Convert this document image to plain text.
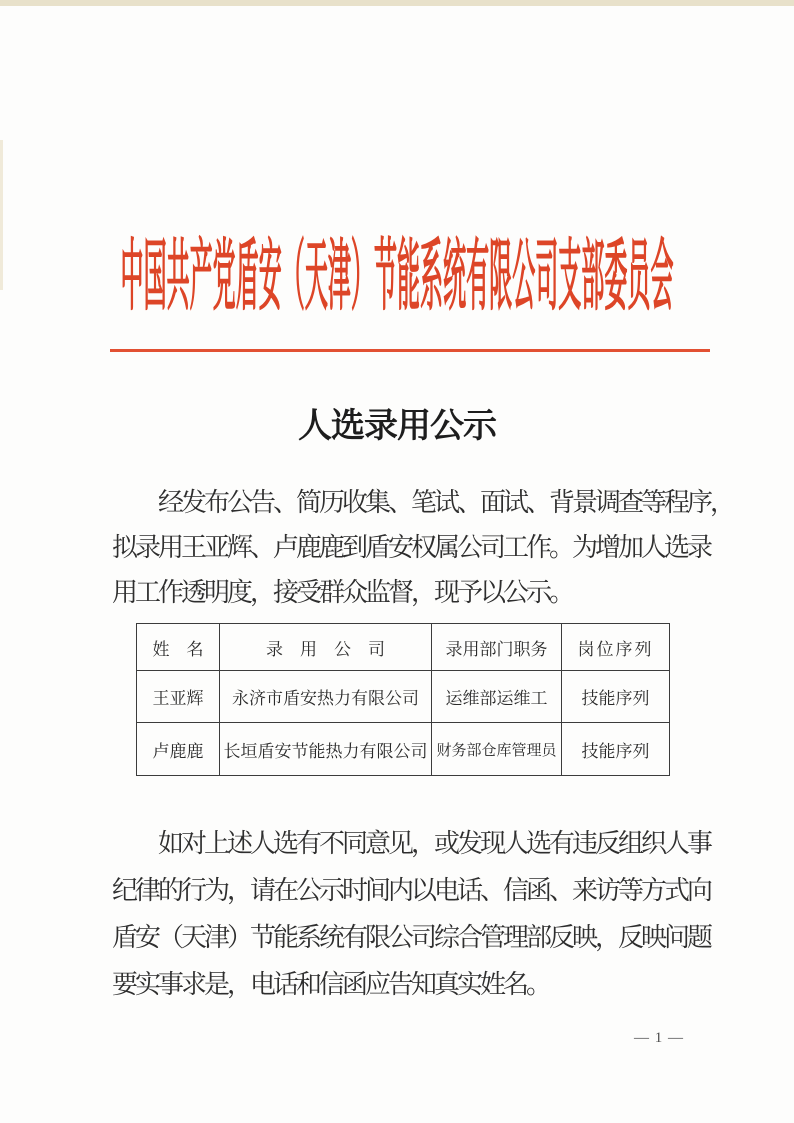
中国共产党盾安（天津）节能系统有限公司支部委员会
人选录用公示
经发布公告、简历收集、笔试、面试、背景调查等程序，
拟录用王亚辉、卢鹿鹿到盾安权属公司工作。为增加人选录
用工作透明度，接受群众监督，现予以公示。
姓　名	录　用　公　司	录用部门职务	岗位序列
王亚辉	永济市盾安热力有限公司	运维部运维工	技能序列
卢鹿鹿	长垣盾安节能热力有限公司	财务部仓库管理员	技能序列
如对上述人选有不同意见，或发现人选有违反组织人事
纪律的行为，请在公示时间内以电话、信函、来访等方式向
盾安（天津）节能系统有限公司综合管理部反映，反映问题
要实事求是，电话和信函应告知真实姓名。
— 1 —
